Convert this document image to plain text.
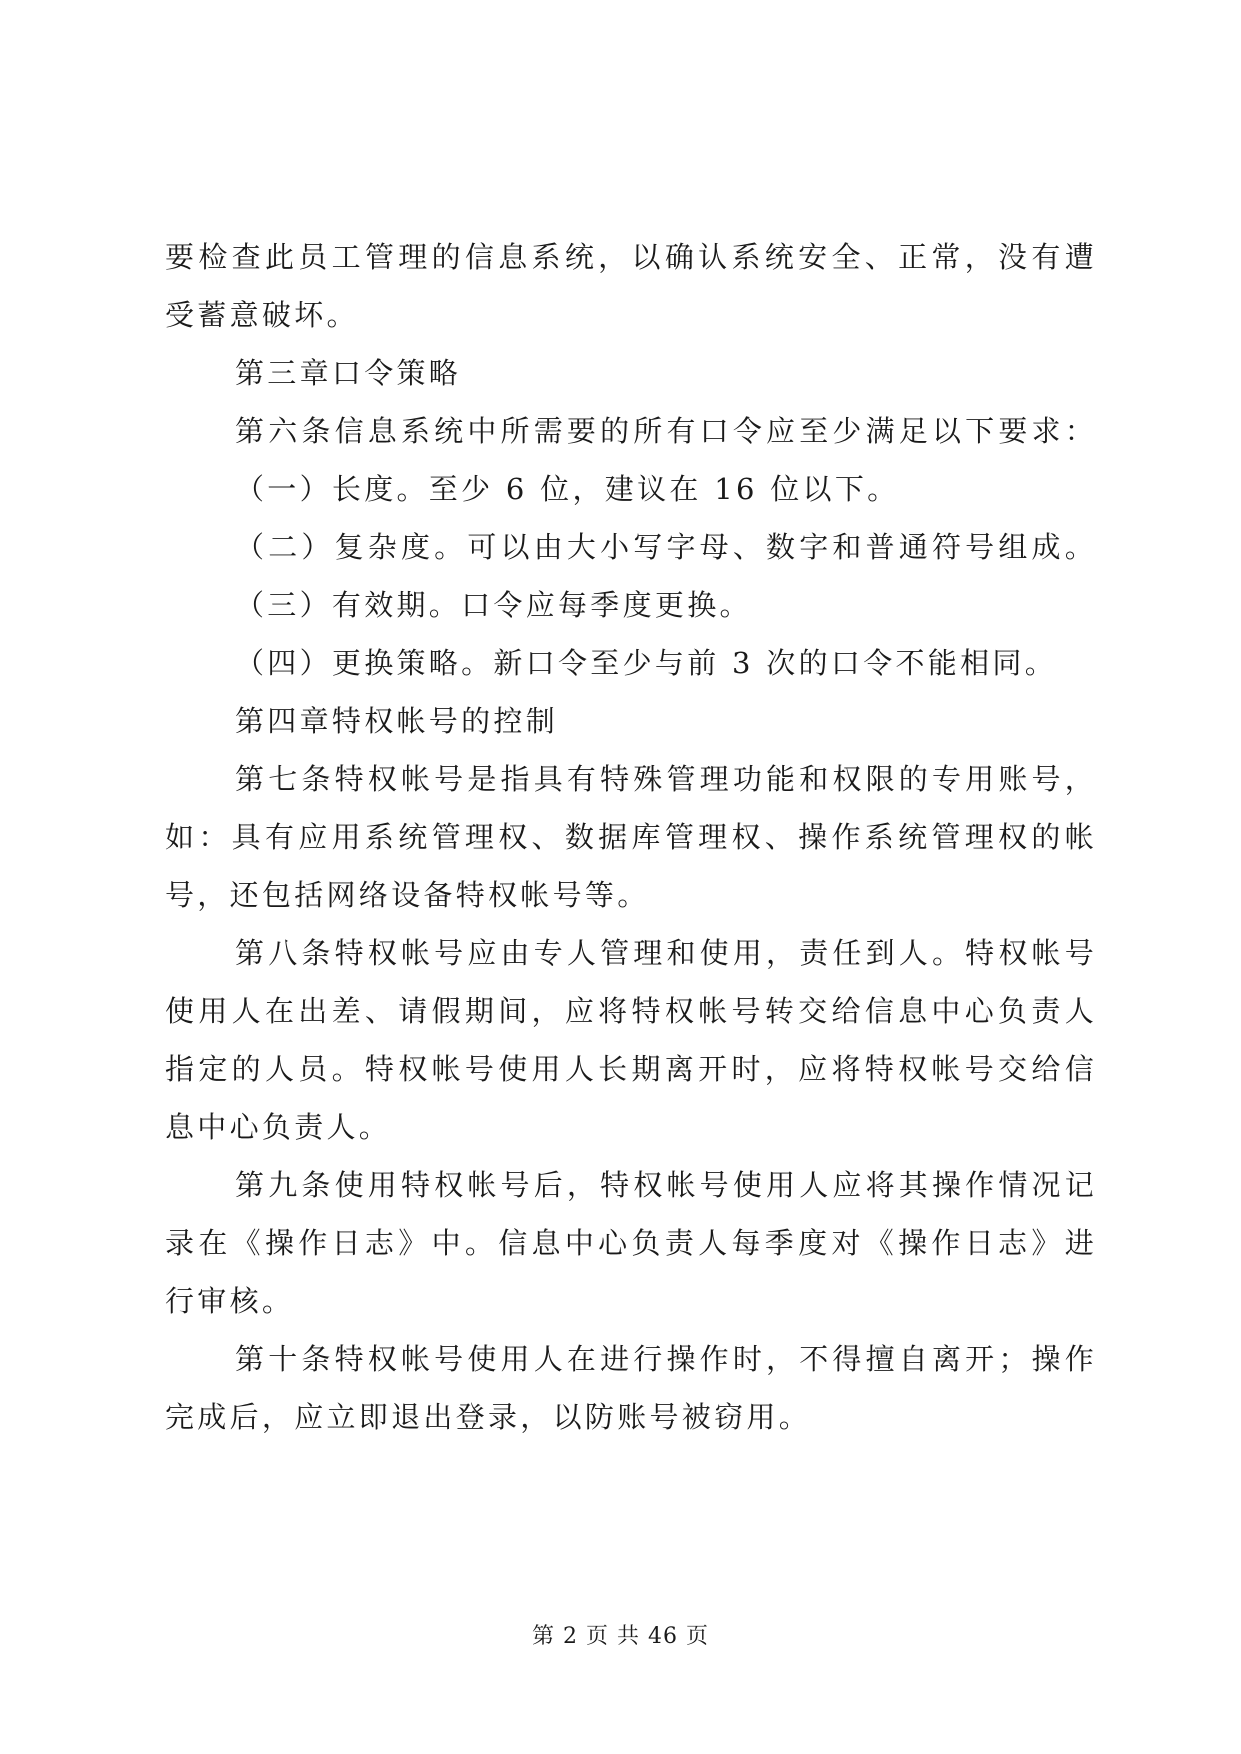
要检查此员工管理的信息系统，以确认系统安全、正常，没有遭
受蓄意破坏。
第三章口令策略
第六条信息系统中所需要的所有口令应至少满足以下要求：
（一）长度。至少 6 位，建议在 16 位以下。
（二）复杂度。可以由大小写字母、数字和普通符号组成。
（三）有效期。口令应每季度更换。
（四）更换策略。新口令至少与前 3 次的口令不能相同。
第四章特权帐号的控制
第七条特权帐号是指具有特殊管理功能和权限的专用账号，
如：具有应用系统管理权、数据库管理权、操作系统管理权的帐
号，还包括网络设备特权帐号等。
第八条特权帐号应由专人管理和使用，责任到人。特权帐号
使用人在出差、请假期间，应将特权帐号转交给信息中心负责人
指定的人员。特权帐号使用人长期离开时，应将特权帐号交给信
息中心负责人。
第九条使用特权帐号后，特权帐号使用人应将其操作情况记
录在《操作日志》中。信息中心负责人每季度对《操作日志》进
行审核。
第十条特权帐号使用人在进行操作时，不得擅自离开；操作
完成后，应立即退出登录，以防账号被窃用。
第 2 页 共 46 页
